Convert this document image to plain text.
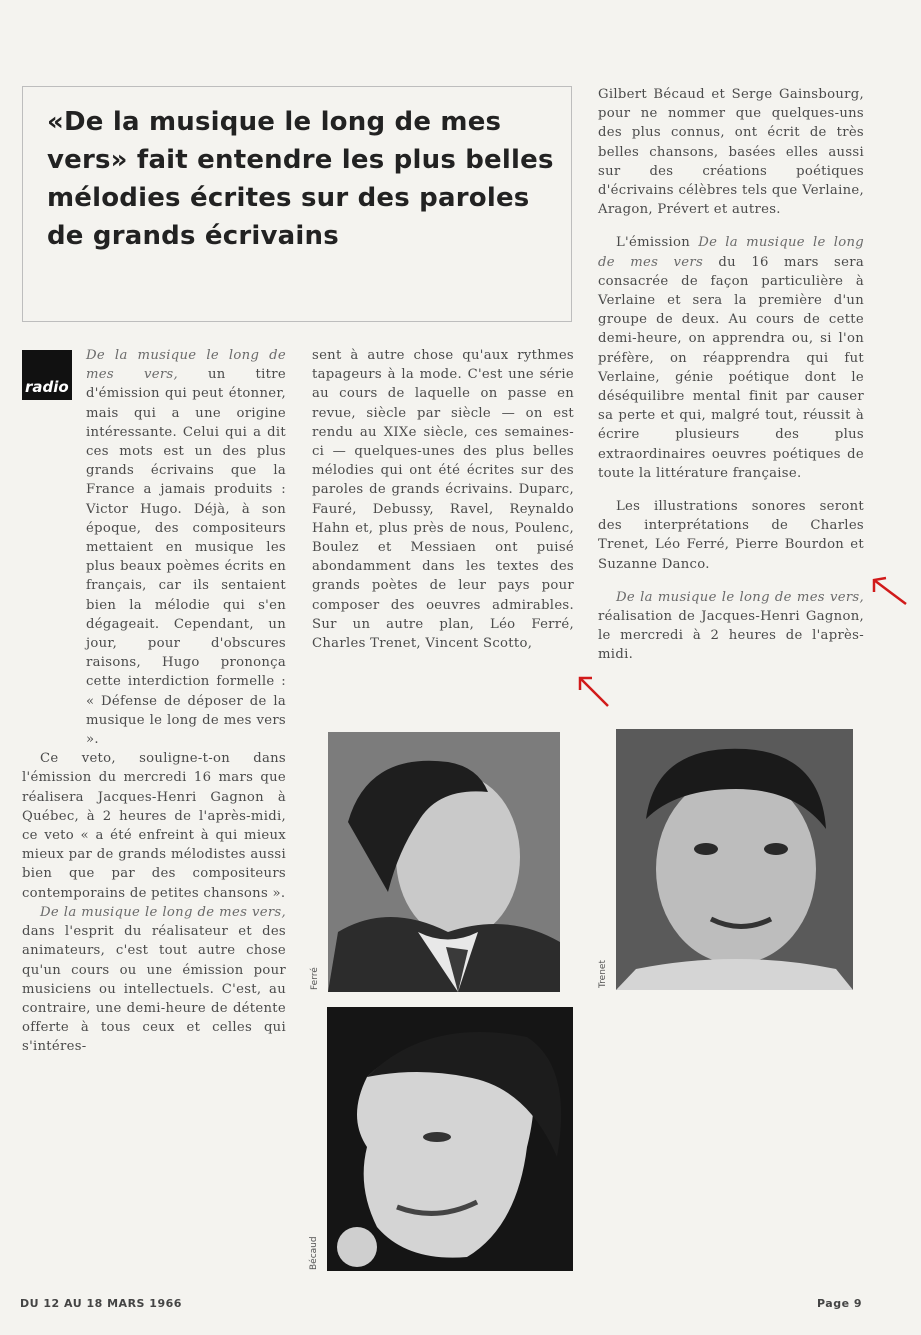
«De la musique le long de mes vers» fait entendre les plus belles mélodies écrites sur des paroles de grands écrivains
radio

De la musique le long de mes vers, un titre d'émission qui peut étonner, mais qui a une origine intéressante. Celui qui a dit ces mots est un des plus grands écrivains que la France a jamais produits : Victor Hugo. Déjà, à son époque, des compositeurs mettaient en musique les plus beaux poèmes écrits en français, car ils sentaient bien la mélodie qui s'en dégageait. Cependant, un jour, pour d'obscures raisons, Hugo prononça cette interdiction formelle : « Défense de déposer de la musique le long de mes vers ».

Ce veto, souligne-t-on dans l'émission du mercredi 16 mars que réalisera Jacques-Henri Gagnon à Québec, à 2 heures de l'après-midi, ce veto « a été enfreint à qui mieux mieux par de grands mélodistes aussi bien que par des compositeurs contemporains de petites chansons ».

De la musique le long de mes vers, dans l'esprit du réalisateur et des animateurs, c'est tout autre chose qu'un cours ou une émission pour musiciens ou intellectuels. C'est, au contraire, une demi-heure de détente offerte à tous ceux et celles qui s'intéres-

sent à autre chose qu'aux rythmes tapageurs à la mode. C'est une série au cours de laquelle on passe en revue, siècle par siècle — on est rendu au XIXe siècle, ces semaines-ci — quelques-unes des plus belles mélodies qui ont été écrites sur des paroles de grands écrivains. Duparc, Fauré, Debussy, Ravel, Reynaldo Hahn et, plus près de nous, Poulenc, Boulez et Messiaen ont puisé abondamment dans les textes des grands poètes de leur pays pour composer des oeuvres admirables. Sur un autre plan, Léo Ferré, Charles Trenet, Vincent Scotto,

Gilbert Bécaud et Serge Gainsbourg, pour ne nommer que quelques-uns des plus connus, ont écrit de très belles chansons, basées elles aussi sur des créations poétiques d'écrivains célèbres tels que Verlaine, Aragon, Prévert et autres.

L'émission De la musique le long de mes vers du 16 mars sera consacrée de façon particulière à Verlaine et sera la première d'un groupe de deux. Au cours de cette demi-heure, on apprendra ou, si l'on préfère, on réapprendra qui fut Verlaine, génie poétique dont le déséquilibre mental finit par causer sa perte et qui, malgré tout, réussit à écrire plusieurs des plus extraordinaires oeuvres poétiques de toute la littérature française.

Les illustrations sonores seront des interprétations de Charles Trenet, Léo Ferré, Pierre Bourdon et Suzanne Danco.

De la musique le long de mes vers, réalisation de Jacques-Henri Gagnon, le mercredi à 2 heures de l'après-midi.

Ferré	Trenet
Bécaud
DU 12 AU 18 MARS 1966	Page 9
